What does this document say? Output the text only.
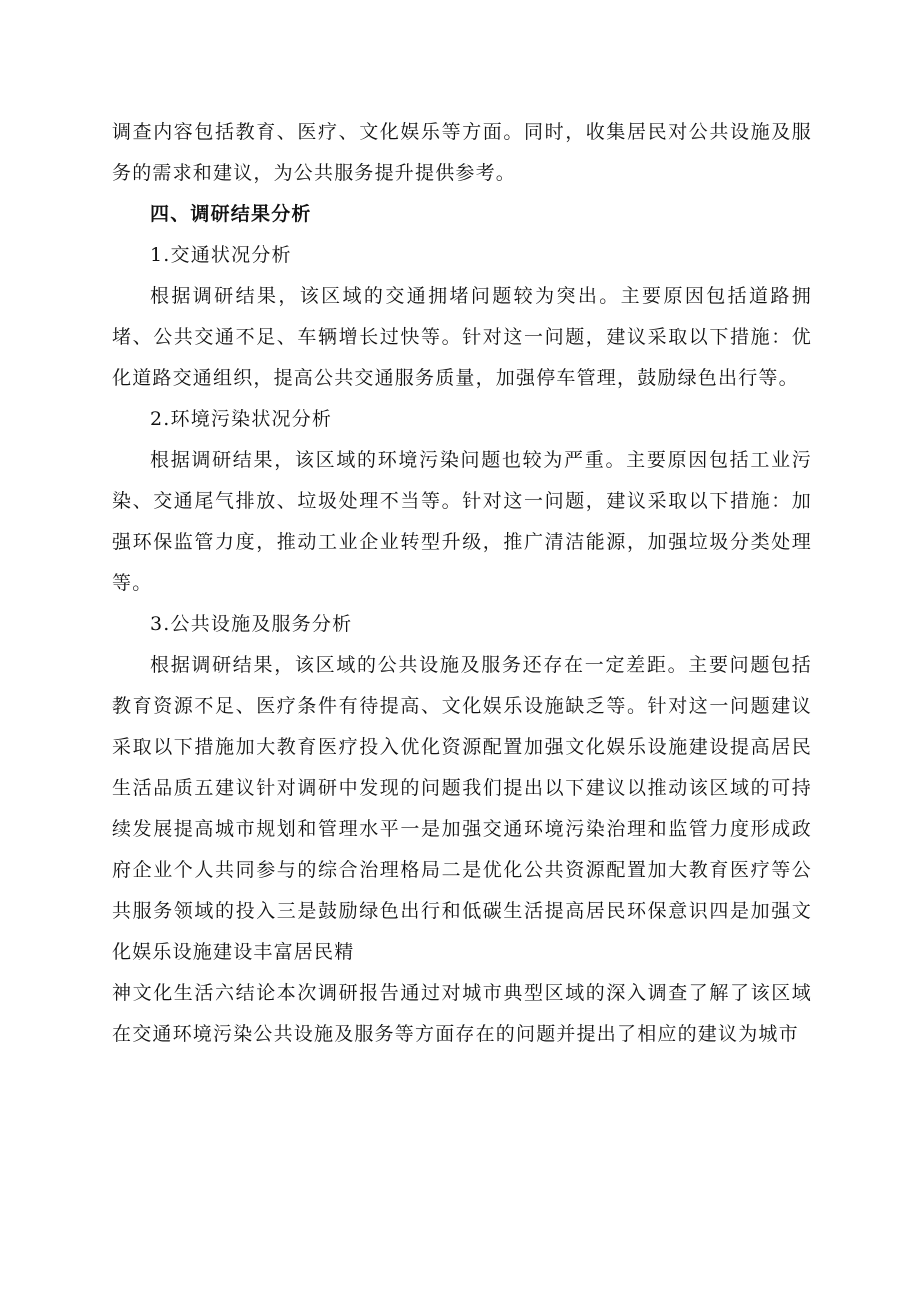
调查内容包括教育、医疗、文化娱乐等方面。同时，收集居民对公共设施及服务的需求和建议，为公共服务提升提供参考。

四、调研结果分析

1.交通状况分析

根据调研结果，该区域的交通拥堵问题较为突出。主要原因包括道路拥堵、公共交通不足、车辆增长过快等。针对这一问题，建议采取以下措施：优化道路交通组织，提高公共交通服务质量，加强停车管理，鼓励绿色出行等。

2.环境污染状况分析

根据调研结果，该区域的环境污染问题也较为严重。主要原因包括工业污染、交通尾气排放、垃圾处理不当等。针对这一问题，建议采取以下措施：加强环保监管力度，推动工业企业转型升级，推广清洁能源，加强垃圾分类处理等。

3.公共设施及服务分析

根据调研结果，该区域的公共设施及服务还存在一定差距。主要问题包括教育资源不足、医疗条件有待提高、文化娱乐设施缺乏等。针对这一问题建议采取以下措施加大教育医疗投入优化资源配置加强文化娱乐设施建设提高居民生活品质五建议针对调研中发现的问题我们提出以下建议以推动该区域的可持续发展提高城市规划和管理水平一是加强交通环境污染治理和监管力度形成政府企业个人共同参与的综合治理格局二是优化公共资源配置加大教育医疗等公共服务领域的投入三是鼓励绿色出行和低碳生活提高居民环保意识四是加强文化娱乐设施建设丰富居民精

神文化生活六结论本次调研报告通过对城市典型区域的深入调查了解了该区域在交通环境污染公共设施及服务等方面存在的问题并提出了相应的建议为城市
